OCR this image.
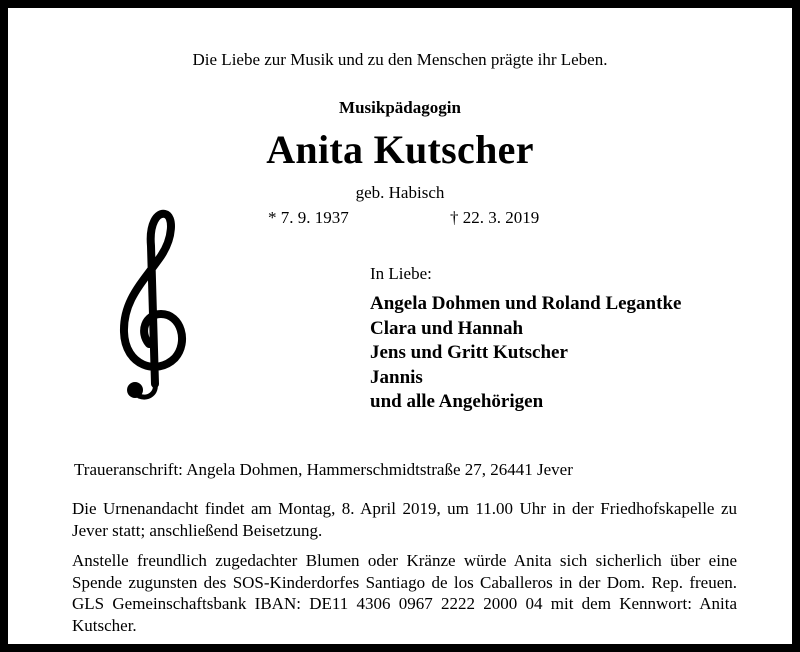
Die Liebe zur Musik und zu den Menschen prägte ihr Leben.
Musikpädagogin
Anita Kutscher
geb. Habisch
* 7. 9. 1937	† 22. 3. 2019
In Liebe:
Angela Dohmen und Roland Legantke
Clara und Hannah
Jens und Gritt Kutscher
Jannis
und alle Angehörigen
Traueranschrift: Angela Dohmen, Hammerschmidtstraße 27, 26441 Jever
Die Urnenandacht findet am Montag, 8. April 2019, um 11.00 Uhr in der Friedhofskapelle zu Jever statt; anschließend Beisetzung.
Anstelle freundlich zugedachter Blumen oder Kränze würde Anita sich sicherlich über eine Spende zugunsten des SOS-Kinderdorfes Santiago de los Caballeros in der Dom. Rep. freuen. GLS Gemeinschaftsbank IBAN: DE11 4306 0967 2222 2000 04 mit dem Kennwort: Anita Kutscher.
